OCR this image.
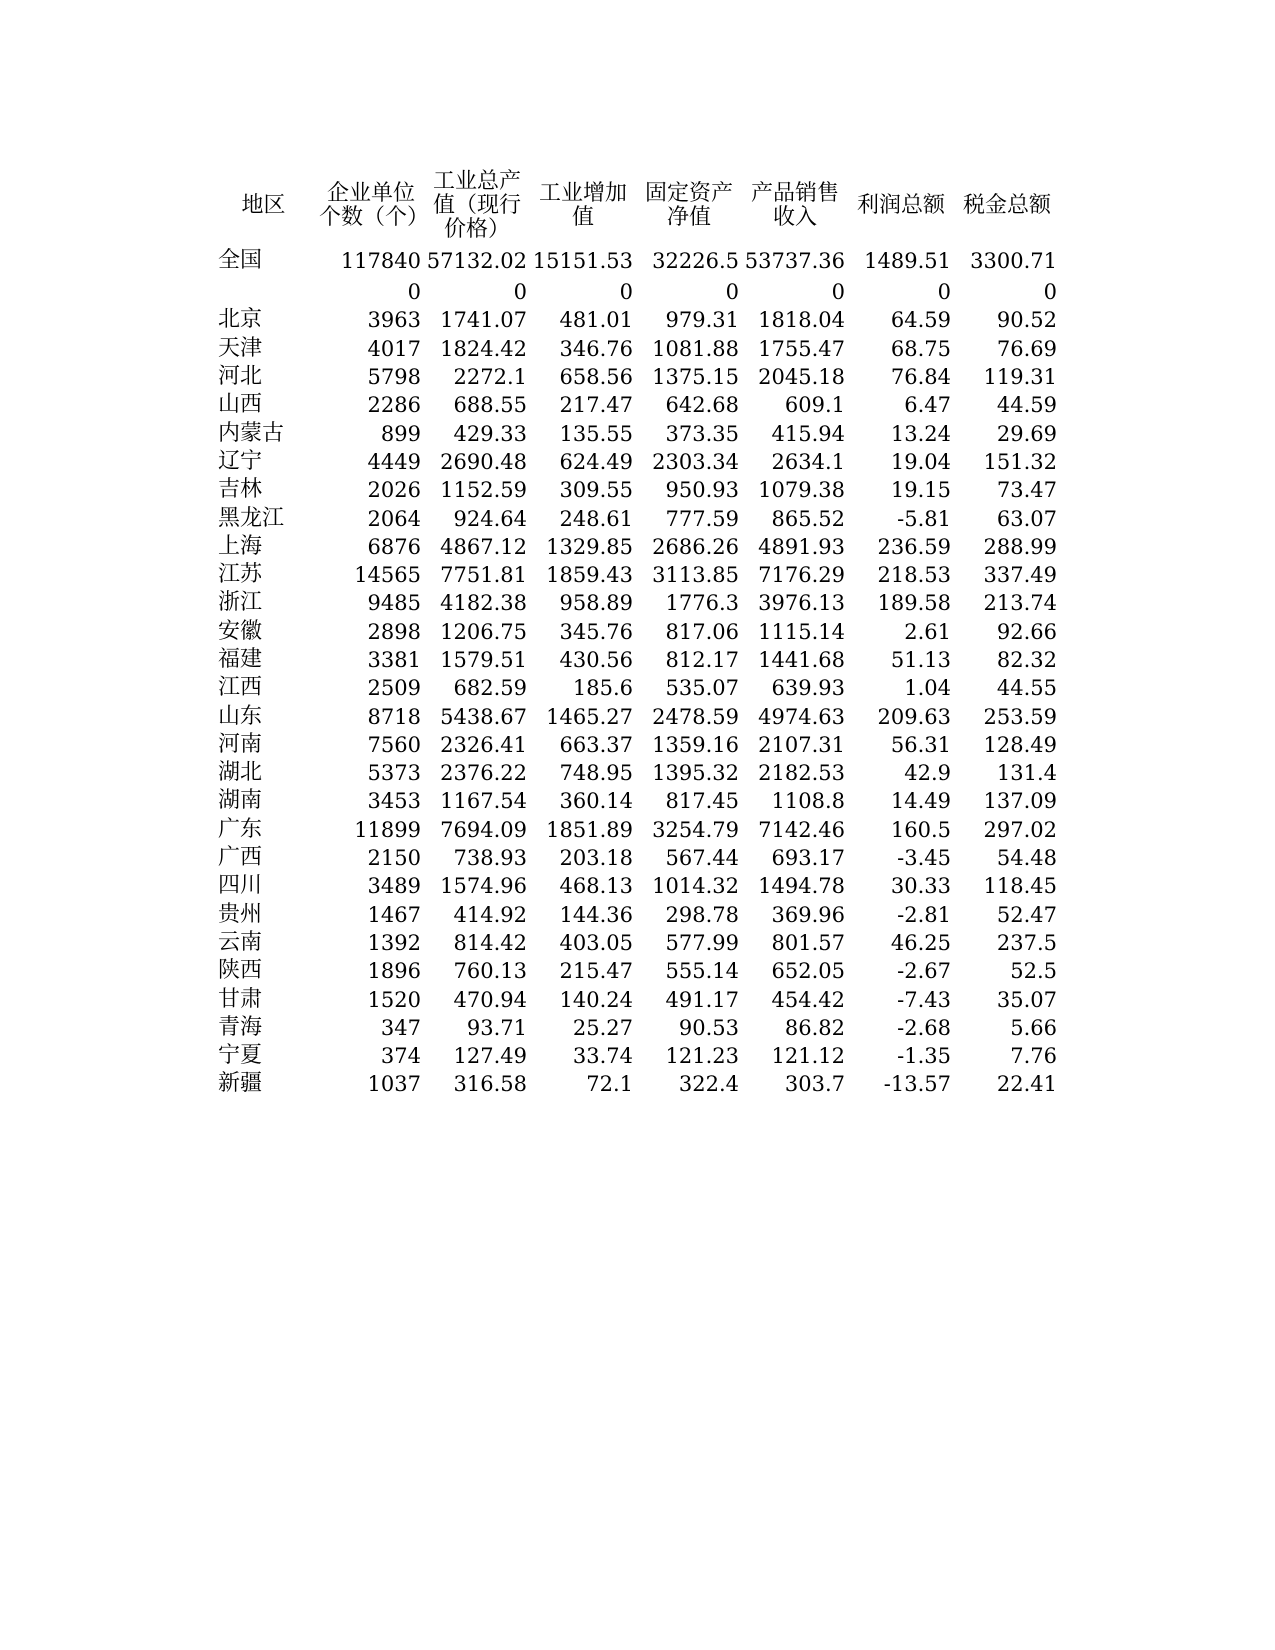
地区	企业单位个数（个）	工业总产值（现行价格）	工业增加值	固定资产净值	产品销售收入	利润总额	税金总额
全国	117840	57132.02	15151.53	32226.5	53737.36	1489.51	3300.71
	0	0	0	0	0	0	0
北京	3963	1741.07	481.01	979.31	1818.04	64.59	90.52
天津	4017	1824.42	346.76	1081.88	1755.47	68.75	76.69
河北	5798	2272.1	658.56	1375.15	2045.18	76.84	119.31
山西	2286	688.55	217.47	642.68	609.1	6.47	44.59
内蒙古	899	429.33	135.55	373.35	415.94	13.24	29.69
辽宁	4449	2690.48	624.49	2303.34	2634.1	19.04	151.32
吉林	2026	1152.59	309.55	950.93	1079.38	19.15	73.47
黑龙江	2064	924.64	248.61	777.59	865.52	-5.81	63.07
上海	6876	4867.12	1329.85	2686.26	4891.93	236.59	288.99
江苏	14565	7751.81	1859.43	3113.85	7176.29	218.53	337.49
浙江	9485	4182.38	958.89	1776.3	3976.13	189.58	213.74
安徽	2898	1206.75	345.76	817.06	1115.14	2.61	92.66
福建	3381	1579.51	430.56	812.17	1441.68	51.13	82.32
江西	2509	682.59	185.6	535.07	639.93	1.04	44.55
山东	8718	5438.67	1465.27	2478.59	4974.63	209.63	253.59
河南	7560	2326.41	663.37	1359.16	2107.31	56.31	128.49
湖北	5373	2376.22	748.95	1395.32	2182.53	42.9	131.4
湖南	3453	1167.54	360.14	817.45	1108.8	14.49	137.09
广东	11899	7694.09	1851.89	3254.79	7142.46	160.5	297.02
广西	2150	738.93	203.18	567.44	693.17	-3.45	54.48
四川	3489	1574.96	468.13	1014.32	1494.78	30.33	118.45
贵州	1467	414.92	144.36	298.78	369.96	-2.81	52.47
云南	1392	814.42	403.05	577.99	801.57	46.25	237.5
陕西	1896	760.13	215.47	555.14	652.05	-2.67	52.5
甘肃	1520	470.94	140.24	491.17	454.42	-7.43	35.07
青海	347	93.71	25.27	90.53	86.82	-2.68	5.66
宁夏	374	127.49	33.74	121.23	121.12	-1.35	7.76
新疆	1037	316.58	72.1	322.4	303.7	-13.57	22.41
